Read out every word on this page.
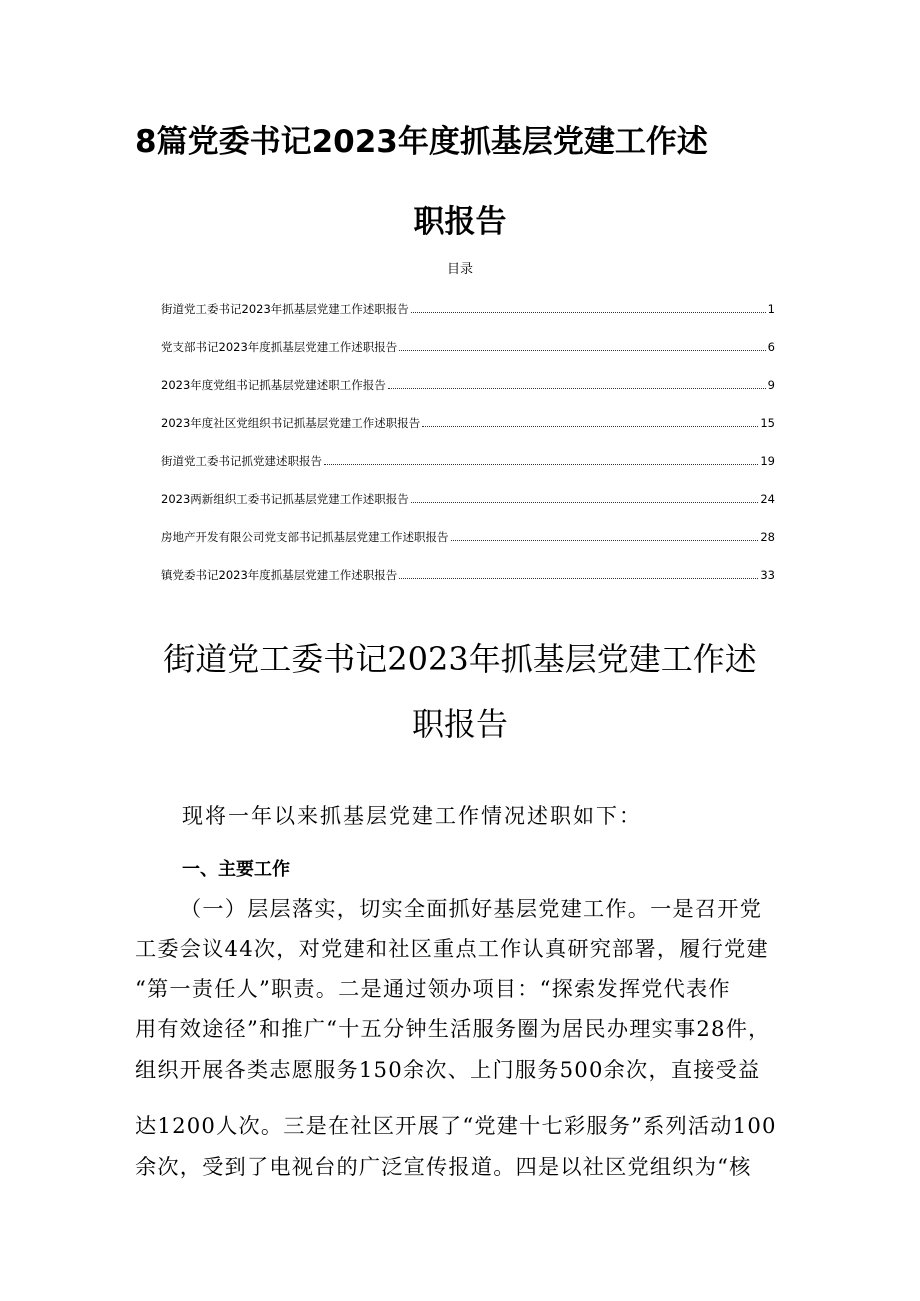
8篇党委书记2023年度抓基层党建工作述
职报告
目录
街道党工委书记2023年抓基层党建工作述职报告	1
党支部书记2023年度抓基层党建工作述职报告	6
2023年度党组书记抓基层党建述职工作报告	9
2023年度社区党组织书记抓基层党建工作述职报告	15
街道党工委书记抓党建述职报告	19
2023两新组织工委书记抓基层党建工作述职报告	24
房地产开发有限公司党支部书记抓基层党建工作述职报告	28
镇党委书记2023年度抓基层党建工作述职报告	33
街道党工委书记2023年抓基层党建工作述
职报告
现将一年以来抓基层党建工作情况述职如下：
一、主要工作
（一）层层落实，切实全面抓好基层党建工作。一是召开党
工委会议44次，对党建和社区重点工作认真研究部署，履行党建
“第一责任人”职责。二是通过领办项目：“探索发挥党代表作
用有效途径”和推广“十五分钟生活服务圈为居民办理实事28件，
组织开展各类志愿服务150余次、上门服务500余次，直接受益
达1200人次。三是在社区开展了“党建十七彩服务”系列活动100
余次，受到了电视台的广泛宣传报道。四是以社区党组织为“核
